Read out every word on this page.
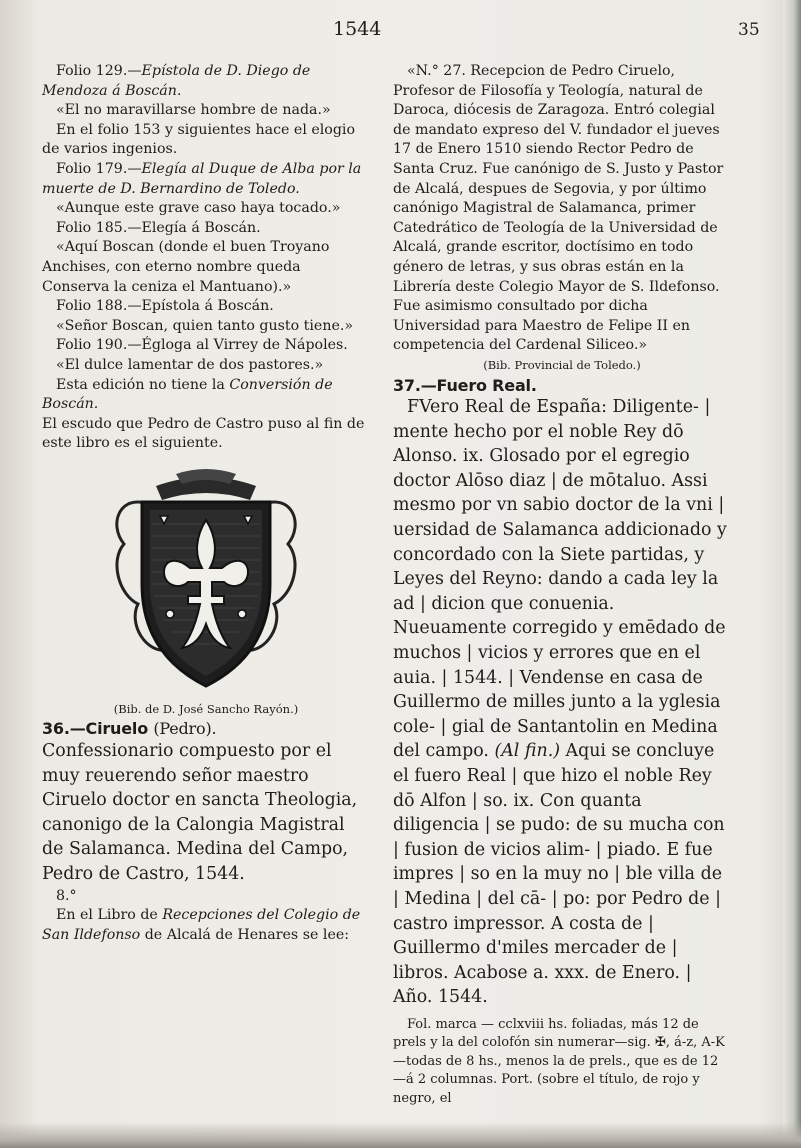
1544	35

Folio 129.—Epístola de D. Diego de Mendoza á Boscán.

«El no maravillarse hombre de nada.»

En el folio 153 y siguientes hace el elogio de varios ingenios.

Folio 179.—Elegía al Duque de Alba por la muerte de D. Bernardino de Toledo.

«Aunque este grave caso haya tocado.»

Folio 185.—Elegía á Boscán.

«Aquí Boscan (donde el buen Troyano Anchises, con eterno nombre queda Conserva la ceniza el Mantuano).»

Folio 188.—Epístola á Boscán.

«Señor Boscan, quien tanto gusto tiene.»

Folio 190.—Égloga al Virrey de Nápoles.

«El dulce lamentar de dos pastores.»

Esta edición no tiene la Conversión de Boscán.

El escudo que Pedro de Castro puso al fin de este libro es el siguiente.

(Bib. de D. José Sancho Rayón.)

36.—Ciruelo (Pedro).

Confessionario compuesto por el muy reuerendo señor maestro Ciruelo doctor en sancta Theologia, canonigo de la Calongia Magistral de Salamanca. Medina del Campo, Pedro de Castro, 1544.

8.°

En el Libro de Recepciones del Colegio de San Ildefonso de Alcalá de Henares se lee:

«N.° 27. Recepcion de Pedro Ciruelo, Profesor de Filosofía y Teología, natural de Daroca, diócesis de Zaragoza. Entró colegial de mandato expreso del V. fundador el jueves 17 de Enero 1510 siendo Rector Pedro de Santa Cruz. Fue canónigo de S. Justo y Pastor de Alcalá, despues de Segovia, y por último canónigo Magistral de Salamanca, primer Catedrático de Teología de la Universidad de Alcalá, grande escritor, doctísimo en todo género de letras, y sus obras están en la Librería deste Colegio Mayor de S. Ildefonso. Fue asimismo consultado por dicha Universidad para Maestro de Felipe II en competencia del Cardenal Siliceo.»

(Bib. Provincial de Toledo.)

37.—Fuero Real.

FVero Real de España: Diligente- | mente hecho por el noble Rey dō Alonso. ix. Glosado por el egregio doctor Alōso diaz | de mōtaluo. Assi mesmo por vn sabio doctor de la vni | uersidad de Salamanca addicionado y concordado con la Siete partidas, y Leyes del Reyno: dando a cada ley la ad | dicion que conuenia. Nueuamente corregido y emēdado de muchos | vicios y errores que en el auia. | 1544. | Vendense en casa de Guillermo de milles junto a la yglesia cole- | gial de Santantolin en Medina del campo. (Al fin.) Aqui se concluye el fuero Real | que hizo el noble Rey dō Alfon | so. ix. Con quanta diligencia | se pudo: de su mucha con | fusion de vicios alim- | piado. E fue impres | so en la muy no | ble villa de | Medina | del cā- | po: por Pedro de | castro impressor. A costa de | Guillermo d'miles mercader de | libros. Acabose a. xxx. de Enero. | Año. 1544.

Fol. marca — cclxviii hs. foliadas, más 12 de prels y la del colofón sin numerar—sig. ✠, á-z, A-K—todas de 8 hs., menos la de prels., que es de 12—á 2 columnas. Port. (sobre el título, de rojo y negro, el
